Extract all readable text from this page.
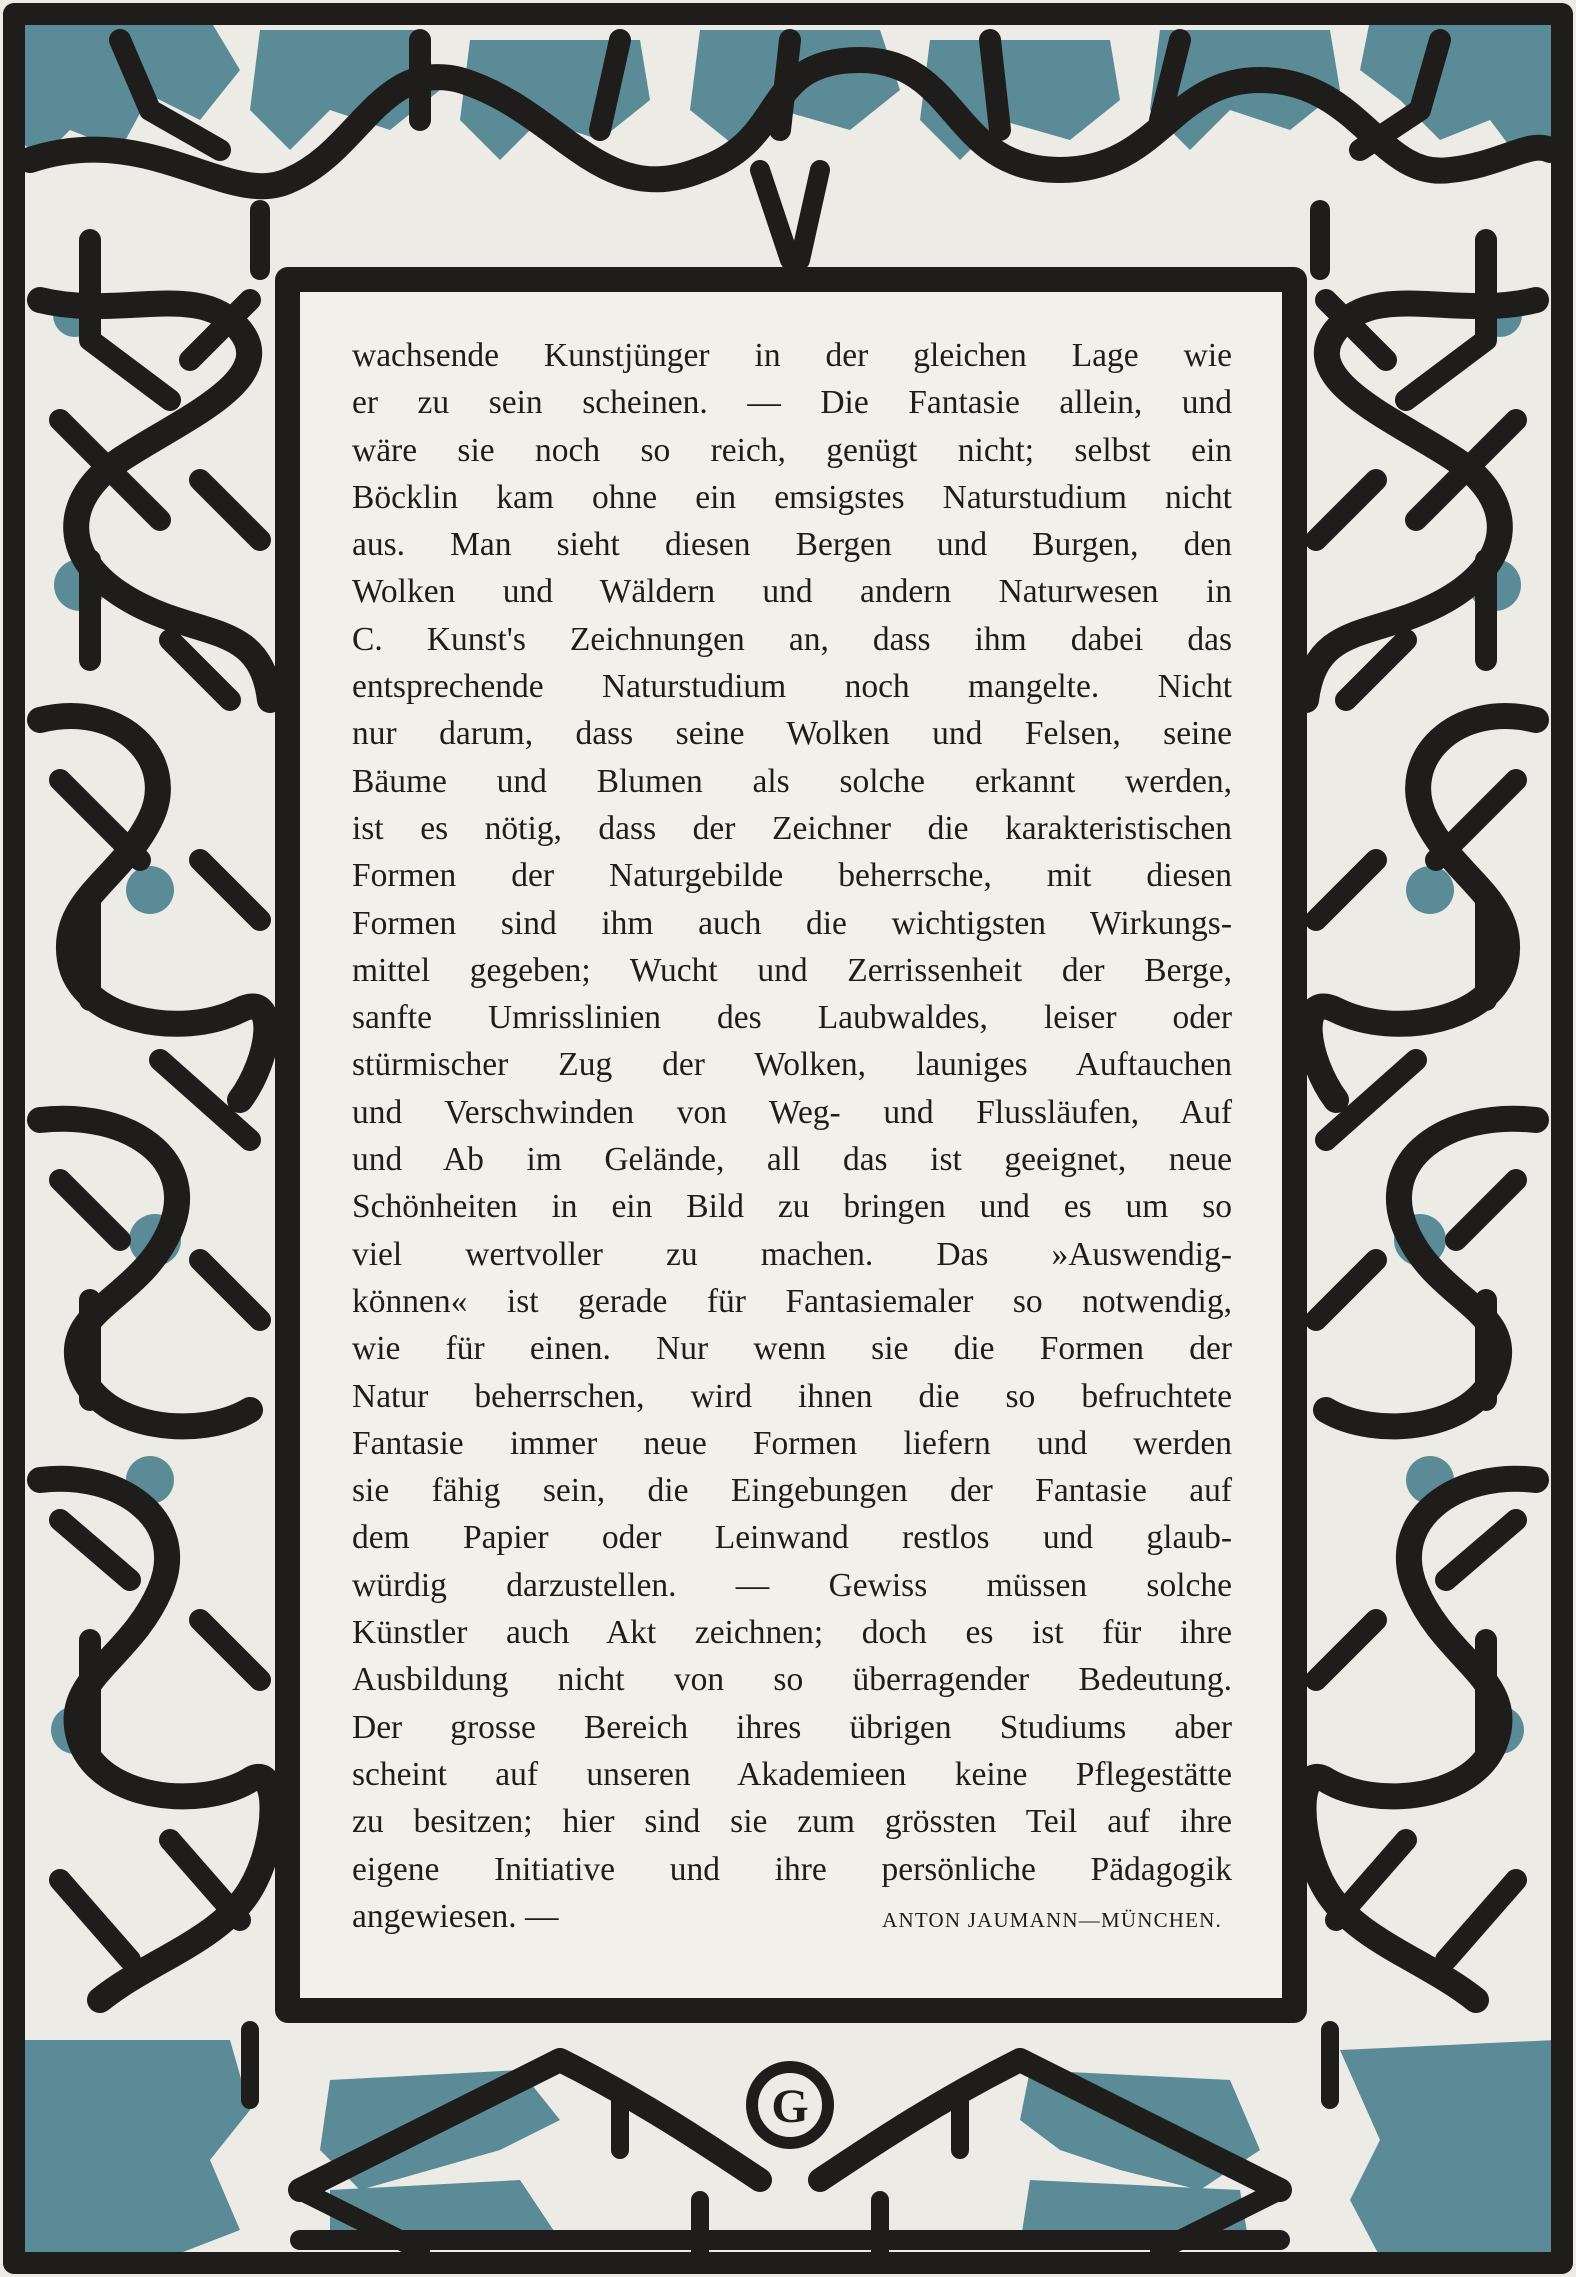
G
wachsende Kunstjünger in der gleichen Lage wie
er zu sein scheinen. — Die Fantasie allein, und
wäre sie noch so reich, genügt nicht; selbst ein
Böcklin kam ohne ein emsigstes Naturstudium nicht
aus. Man sieht diesen Bergen und Burgen, den
Wolken und Wäldern und andern Naturwesen in
C. Kunst's Zeichnungen an, dass ihm dabei das
entsprechende Naturstudium noch mangelte. Nicht
nur darum, dass seine Wolken und Felsen, seine
Bäume und Blumen als solche erkannt werden,
ist es nötig, dass der Zeichner die karakteristischen
Formen der Naturgebilde beherrsche, mit diesen
Formen sind ihm auch die wichtigsten Wirkungs-
mittel gegeben; Wucht und Zerrissenheit der Berge,
sanfte Umrisslinien des Laubwaldes, leiser oder
stürmischer Zug der Wolken, launiges Auftauchen
und Verschwinden von Weg- und Flussläufen, Auf
und Ab im Gelände, all das ist geeignet, neue
Schönheiten in ein Bild zu bringen und es um so
viel wertvoller zu machen. Das »Auswendig-
können« ist gerade für Fantasiemaler so notwendig,
wie für einen. Nur wenn sie die Formen der
Natur beherrschen, wird ihnen die so befruchtete
Fantasie immer neue Formen liefern und werden
sie fähig sein, die Eingebungen der Fantasie auf
dem Papier oder Leinwand restlos und glaub-
würdig darzustellen. — Gewiss müssen solche
Künstler auch Akt zeichnen; doch es ist für ihre
Ausbildung nicht von so überragender Bedeutung.
Der grosse Bereich ihres übrigen Studiums aber
scheint auf unseren Akademieen keine Pflegestätte
zu besitzen; hier sind sie zum grössten Teil auf ihre
eigene Initiative und ihre persönliche Pädagogik
angewiesen. —	ANTON JAUMANN—MÜNCHEN.
